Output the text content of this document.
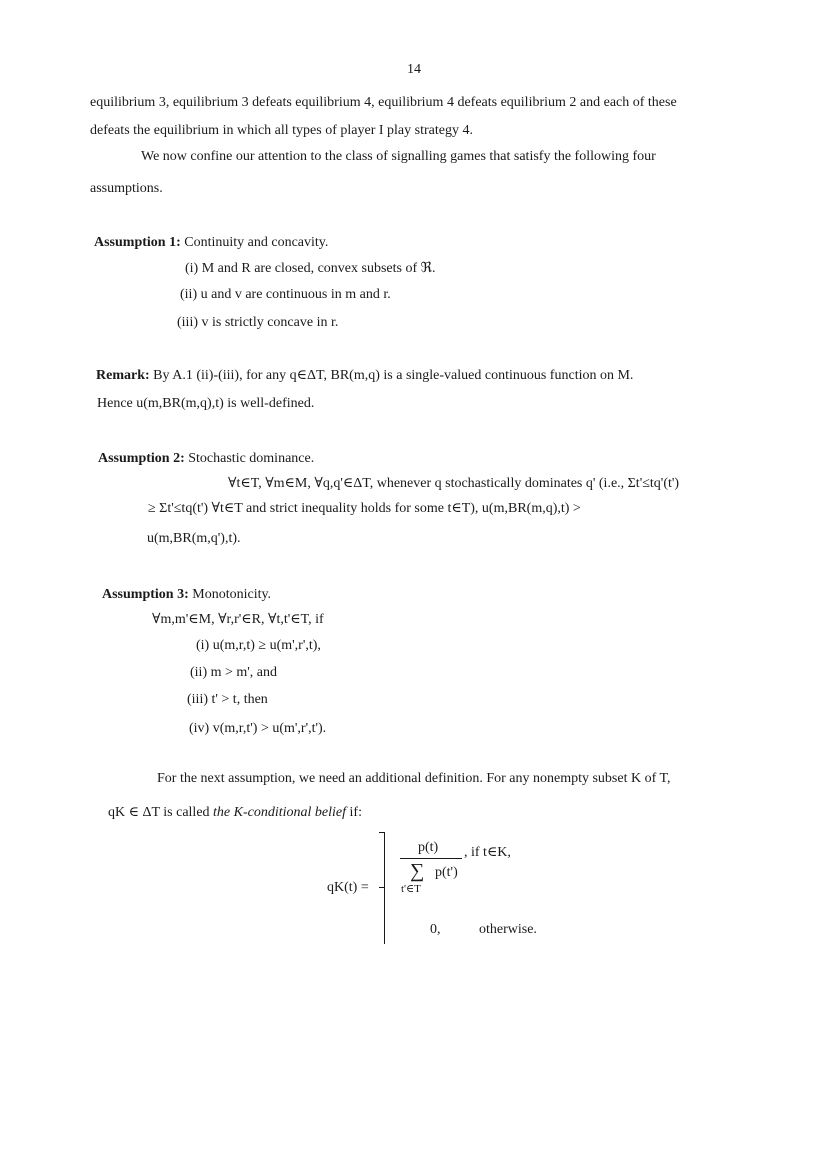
14
equilibrium 3, equilibrium 3 defeats equilibrium 4, equilibrium 4 defeats equilibrium 2 and each of these
defeats the equilibrium in which all types of player I play strategy 4.
We now confine our attention to the class of signalling games that satisfy the following four
assumptions.
Assumption 1: Continuity and concavity.
(i) M and R are closed, convex subsets of ℜ.
(ii) u and v are continuous in m and r.
(iii) v is strictly concave in r.
Remark: By A.1 (ii)-(iii), for any q∈ΔT, BR(m,q) is a single-valued continuous function on M.
Hence u(m,BR(m,q),t) is well-defined.
Assumption 2: Stochastic dominance.
∀t∈T, ∀m∈M, ∀q,q'∈ΔT, whenever q stochastically dominates q' (i.e., Σt'≤tq'(t')
≥ Σt'≤tq(t') ∀t∈T and strict inequality holds for some t∈T), u(m,BR(m,q),t) >
u(m,BR(m,q'),t).
Assumption 3: Monotonicity.
∀m,m'∈M, ∀r,r'∈R, ∀t,t'∈T, if
(i) u(m,r,t) ≥ u(m',r',t),
(ii) m > m', and
(iii) t' > t, then
(iv) v(m,r,t') > u(m',r',t').
For the next assumption, we need an additional definition. For any nonempty subset K of T,
qK ∈ ΔT is called the K-conditional belief if:
qK(t) =
p(t)
∑ p(t')
t'∈T
, if t∈K,
0,	otherwise.
